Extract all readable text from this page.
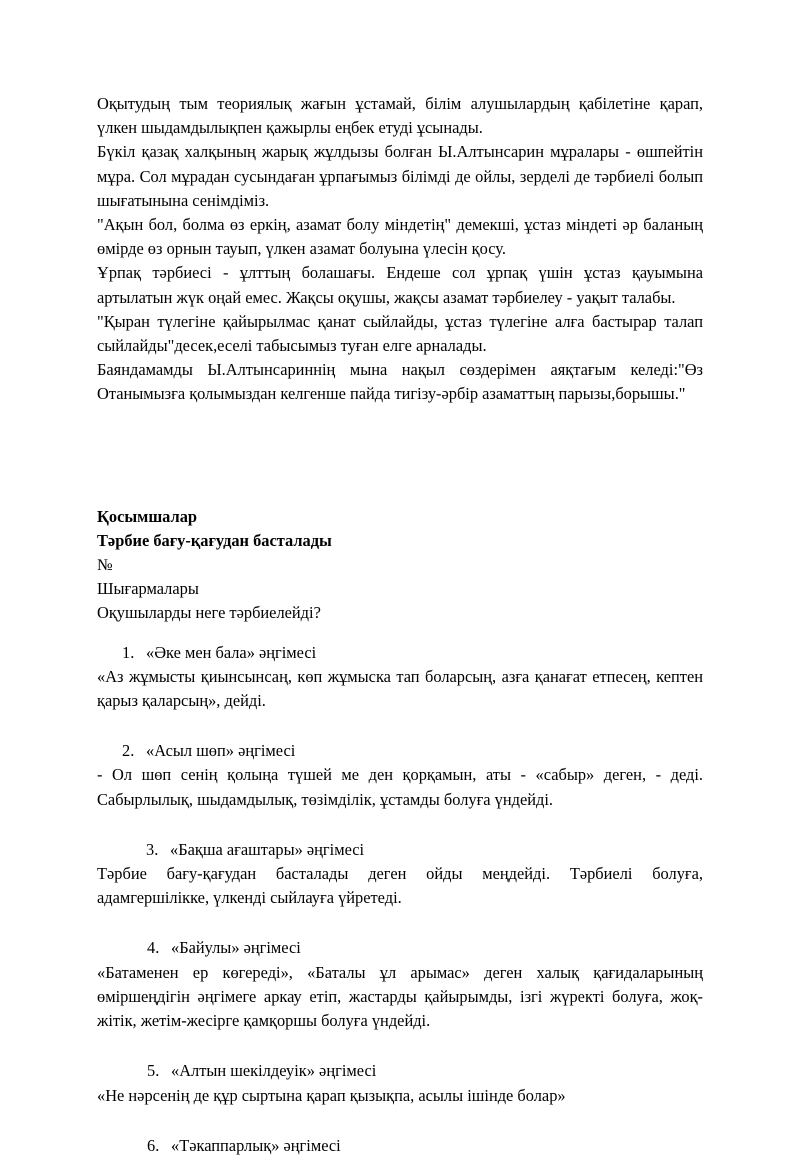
Оқытудың тым теориялық жағын ұстамай, білім алушылардың қабілетіне қарап, үлкен шыдамдылықпен қажырлы еңбек етуді ұсынады.

Бүкіл қазақ халқының жарық жұлдызы болған Ы.Алтынсарин мұралары - өшпейтін мұра. Сол мұрадан сусындаған ұрпағымыз білімді де ойлы, зерделі де тәрбиелі болып шығатынына сенімдіміз.

"Ақын бол, болма өз еркің, азамат болу міндетің" демекші, ұстаз міндеті әр баланың өмірде өз орнын тауып, үлкен азамат болуына үлесін қосу.

Ұрпақ тәрбиесі - ұлттың болашағы. Ендеше сол ұрпақ үшін ұстаз қауымына артылатын жүк оңай емес. Жақсы оқушы, жақсы азамат тәрбиелеу - уақыт талабы.

"Қыран түлегіне қайырылмас қанат сыйлайды, ұстаз түлегіне алға бастырар талап сыйлайды"десек,еселі табысымыз туған елге арналады.

Баяндамамды Ы.Алтынсариннің мына нақыл сөздерімен аяқтағым келеді:"Өз Отанымызға қолымыздан келгенше пайда тигізу-әрбір азаматтың парызы,борышы."

Қосымшалар

Тәрбие бағу-қағудан басталады

№

Шығармалары

Оқушыларды неге тәрбиелейді?

1. «Әке мен бала» әңгімесі

«Аз жұмысты қиынсынсаң, көп жұмыска тап боларсың, азға қанағат етпесең, кептен қарыз қаларсың», дейді.

2. «Асыл шөп» әңгімесі

- Ол шөп сенің қолыңа түшей ме ден қорқамын, аты - «сабыр» деген, - деді. Сабырлылық, шыдамдылық, төзімділік, ұстамды болуға үндейді.

3. «Бақша ағаштары» әңгімесі

Тәрбие бағу-қағудан басталады деген ойды меңдейді. Тәрбиелі болуға, адамгершілікке, үлкенді сыйлауға үйретеді.

4. «Байулы» әңгімесі

«Батаменен ер көгереді», «Баталы ұл арымас» деген халық қағидаларының өміршеңдігін әңгімеге аркау етіп, жастарды қайырымды, ізгі жүректі болуға, жоқ-жітік, жетім-жесірге қамқоршы болуға үндейді.

5. «Алтын шекілдеуік» әңгімесі

«Не нәрсенің де құр сыртына қарап қызықпа, асылы ішінде болар»

6. «Тәкаппарлық» әңгімесі
